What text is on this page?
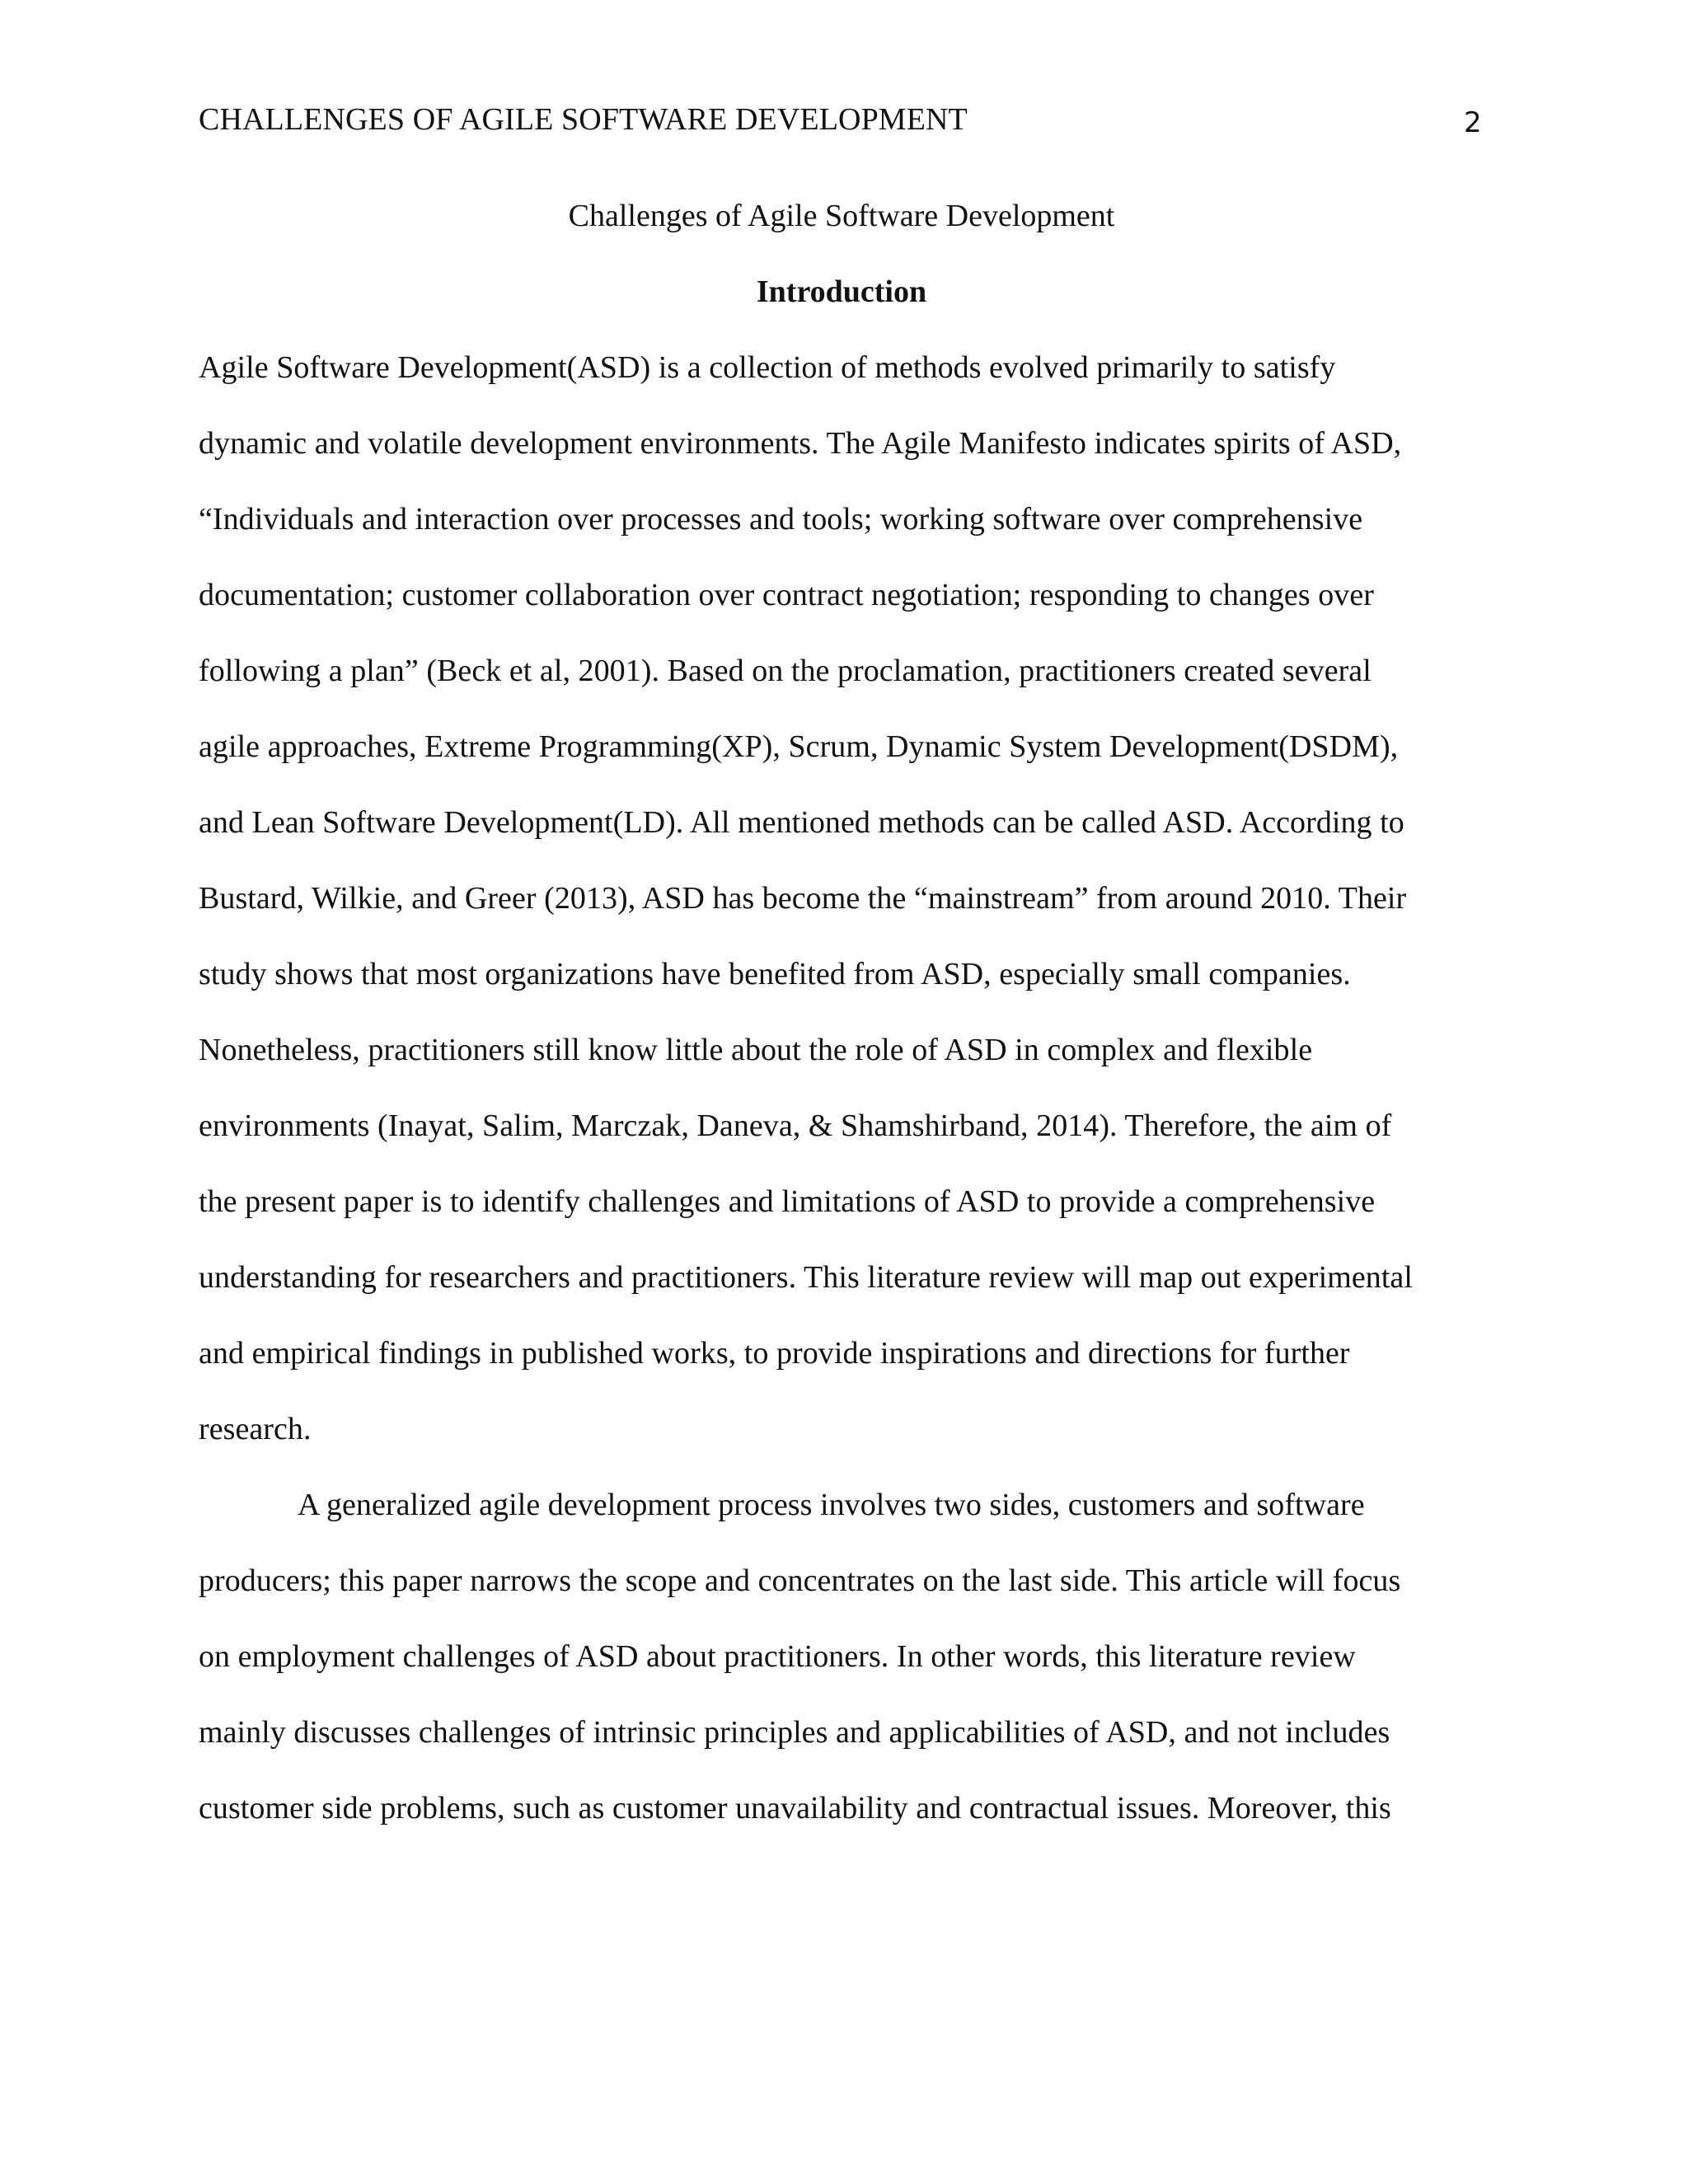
CHALLENGES OF AGILE SOFTWARE DEVELOPMENT	2
Challenges of Agile Software Development
Introduction
Agile Software Development(ASD) is a collection of methods evolved primarily to satisfy
dynamic and volatile development environments. The Agile Manifesto indicates spirits of ASD,
“Individuals and interaction over processes and tools; working software over comprehensive
documentation; customer collaboration over contract negotiation; responding to changes over
following a plan” (Beck et al, 2001). Based on the proclamation, practitioners created several
agile approaches, Extreme Programming(XP), Scrum, Dynamic System Development(DSDM),
and Lean Software Development(LD). All mentioned methods can be called ASD. According to
Bustard, Wilkie, and Greer (2013), ASD has become the “mainstream” from around 2010. Their
study shows that most organizations have benefited from ASD, especially small companies.
Nonetheless, practitioners still know little about the role of ASD in complex and flexible
environments (Inayat, Salim, Marczak, Daneva, & Shamshirband, 2014). Therefore, the aim of
the present paper is to identify challenges and limitations of ASD to provide a comprehensive
understanding for researchers and practitioners. This literature review will map out experimental
and empirical findings in published works, to provide inspirations and directions for further
research.
A generalized agile development process involves two sides, customers and software
producers; this paper narrows the scope and concentrates on the last side. This article will focus
on employment challenges of ASD about practitioners. In other words, this literature review
mainly discusses challenges of intrinsic principles and applicabilities of ASD, and not includes
customer side problems, such as customer unavailability and contractual issues. Moreover, this
